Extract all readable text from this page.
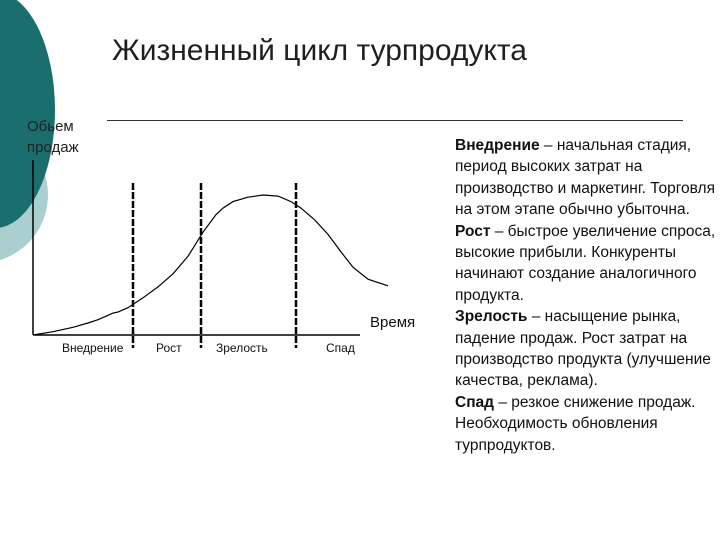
Жизненный цикл турпродукта
Обьем
продаж
Время
Внедрение	Рост	Зрелость	Спад

Внедрение – начальная стадия, период высоких затрат на производство и маркетинг. Торговля на этом этапе обычно убыточна.

Рост – быстрое увеличение спроса, высокие прибыли. Конкуренты начинают создание аналогичного продукта.

Зрелость – насыщение рынка, падение продаж. Рост затрат на производство продукта (улучшение качества, реклама).

Спад – резкое снижение продаж. Необходимость обновления турпродуктов.
